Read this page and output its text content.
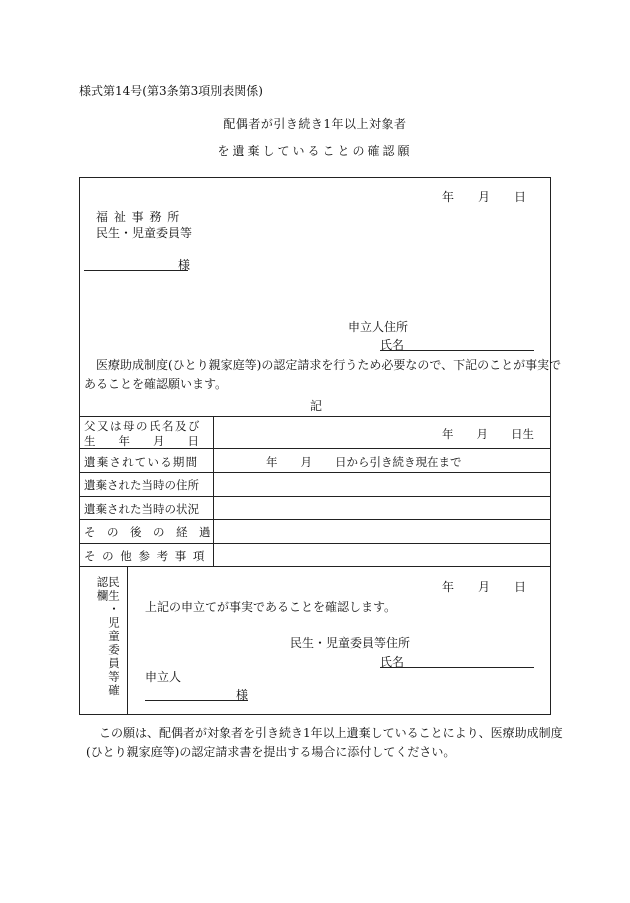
様式第14号(第3条第3項別表関係)
配偶者が引き続き1年以上対象者
を遺棄していることの確認願
年　　月　　日
福 祉 事 務 所
民生・児童委員等
様
申立人住所
氏名
医療助成制度(ひとり親家庭等)の認定請求を行うため必要なので、下記のことが事実で
あることを確認願います。
記
父又は母の氏名及び
生　　年　　月　　日	年　　月　　日生
遺棄されている期間	年　　月　　日から引き続き現在まで
遺棄された当時の住所
遺棄された当時の状況
そ　の　後　の　経　過
そ の 他 参 考 事 項
民生・児童委員等確認欄	年　　月　　日
上記の申立てが事実であることを確認します。
民生・児童委員等住所
氏名
申立人
様
この願は、配偶者が対象者を引き続き1年以上遺棄していることにより、医療助成制度
(ひとり親家庭等)の認定請求書を提出する場合に添付してください。
